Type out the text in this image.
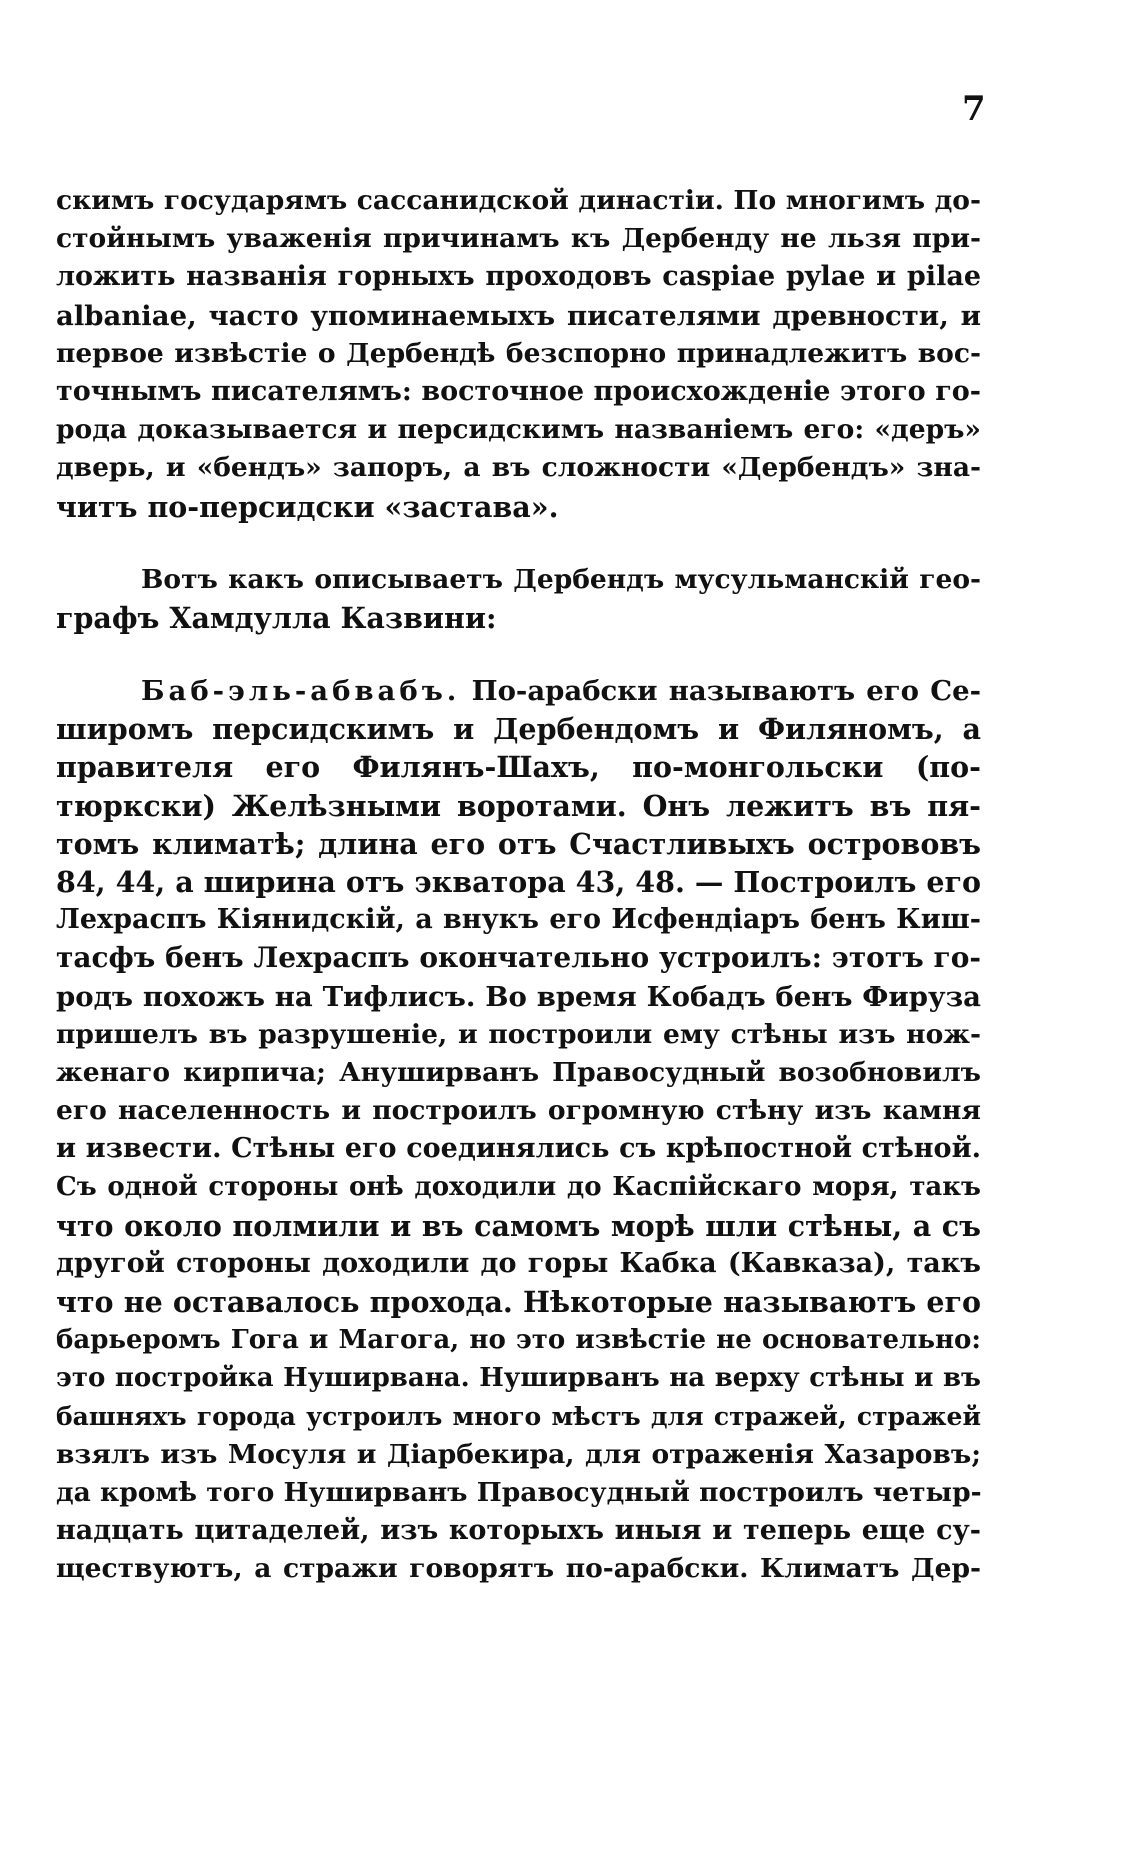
7
скимъ государямъ сассанидской династіи. По многимъ до-
стойнымъ уваженія причинамъ къ Дербенду не льзя при-
ложить названія горныхъ проходовъ caspiae pylae и pilae
albaniae, часто упоминаемыхъ писателями древности, и
первое извѣстіе о Дербендѣ безспорно принадлежитъ вос-
точнымъ писателямъ: восточное происхожденіе этого го-
рода доказывается и персидскимъ названіемъ его: «деръ»
дверь, и «бендъ» запоръ, а въ сложности «Дербендъ» зна-
читъ по-персидски «застава».
Вотъ какъ описываетъ Дербендъ мусульманскій гео-
графъ Хамдулла Казвини:
Баб-эль-абвабъ. По-арабски называютъ его Се-
широмъ персидскимъ и Дербендомъ и Филяномъ, а
правителя его Филянъ-Шахъ, по-монгольски (по-
тюркски) Желѣзными воротами. Онъ лежитъ въ пя-
томъ климатѣ; длина его отъ Счастливыхъ острововъ
84, 44, а ширина отъ экватора 43, 48. — Построилъ его
Лехраспъ Кіянидскій, а внукъ его Исфендіаръ бенъ Киш-
тасфъ бенъ Лехраспъ окончательно устроилъ: этотъ го-
родъ похожъ на Тифлисъ. Во время Кобадъ бенъ Фируза
пришелъ въ разрушеніе, и построили ему стѣны изъ нож-
женаго кирпича; Ануширванъ Правосудный возобновилъ
его населенность и построилъ огромную стѣну изъ камня
и извести. Стѣны его соединялись съ крѣпостной стѣной.
Съ одной стороны онѣ доходили до Каспійскаго моря, такъ
что около полмили и въ самомъ морѣ шли стѣны, а съ
другой стороны доходили до горы Кабка (Кавказа), такъ
что не оставалось прохода. Нѣкоторые называютъ его
барьеромъ Гога и Магога, но это извѣстіе не основательно:
это постройка Нуширвана. Нуширванъ на верху стѣны и въ
башняхъ города устроилъ много мѣстъ для стражей, стражей
взялъ изъ Мосуля и Діарбекира, для отраженія Хазаровъ;
да кромѣ того Нуширванъ Правосудный построилъ четыр-
надцать цитаделей, изъ которыхъ иныя и теперь еще су-
ществуютъ, а стражи говорятъ по-арабски. Климатъ Дер-
